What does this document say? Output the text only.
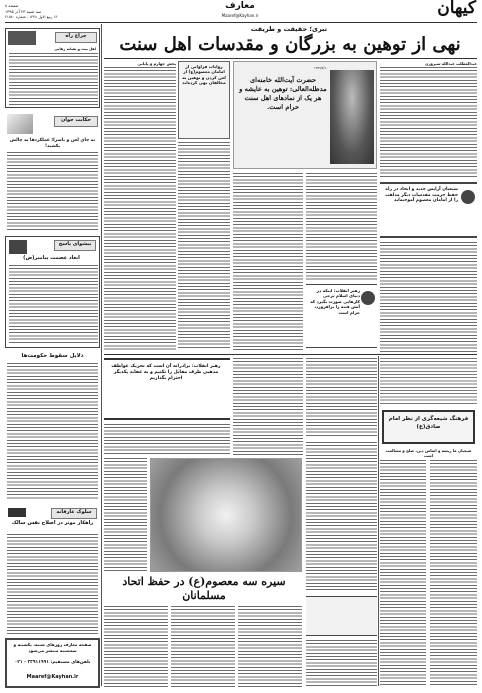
صفحه ۸
سه شنبه ۲۳ آذر ۱۳۹۵
۱۳ ربیع الاول ۱۴۳۸ - شماره ۲۱۵۸۰
معارف
Maaref@Kayhan.ir	کیهان
چراغ راه
اهل بیت و نشانه رهایی
حکایت جوان
به جای لعن و ناسزا؛ عملکردها به چالش بکشید!
پیشوای پاسخ
ابعاد عصمت پیامبر(ص)
دلایل سقوط حکومت‌ها
سلوک عارفانه
راهکار موثر در اصلاح نفس سالک
صفحه معارف روزهای شنبه، یکشنبه و سه‌شنبه منتشر می‌شود
تلفن‌های مستقیم: ۳۳۹۱۱۹۹۱ - ۰۲۱
Maaref@Kayhan.ir
تبری؛ حقیقت و طریقت
نهی از توهین به بزرگان و مقدسات اهل سنت
عبدالمطلب عبدالله سیروزی
بخش چهارم و پایانی
روایات فراوانی از امامان معصوم(ع) از لعن کردن و توهین به مخالفان نهی کرده‌اند
۱۳۸۹/۷/۱۰
حضرت آیت‌الله خامنه‌ای مدظله‌العالی: توهین به عایشه و هر یک از نمادهای اهل سنت حرام است.
رهبر انقلاب: اینکه در دنیای اسلام برخی کارهایی صورت بگیرد که آتش فتنه را برافروزد، حرام است
شیعیان آرایش جدید و اتحاد در راه حفظ حرمت مقدسات دیگر مذاهب را از امامان معصوم آموخته‌اند
رهبر انقلاب: برادرانه آن است که تحریک عواطف مذهبی طرف مقابل را نکنیم و به عقاید یکدیگر احترام بگذاریم
سیره سه معصوم(ع) در حفظ اتحاد مسلمانان
فرهنگ شیعه‌گری از نظر امام صادق(ع)
شیعیان ما ریشه و اساس دین، صلح و مسالمت است
